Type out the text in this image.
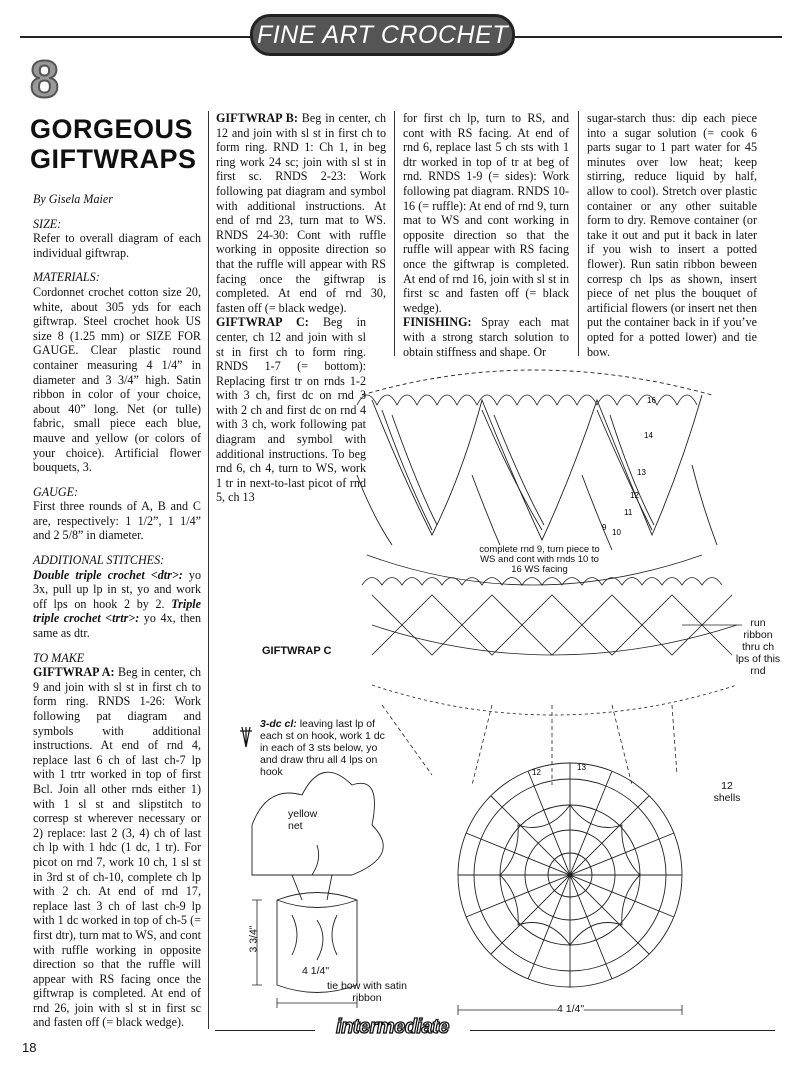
FINE ART CROCHET
8
GORGEOUS
GIFTWRAPS

By Gisela Maier

SIZE:

Refer to overall diagram of each individual giftwrap.

MATERIALS:

Cordonnet crochet cotton size 20, white, about 305 yds for each giftwrap. Steel crochet hook US size 8 (1.25 mm) or SIZE FOR GAUGE. Clear plastic round container measuring 4 1/4” in diameter and 3 3/4” high. Satin ribbon in color of your choice, about 40” long. Net (or tulle) fabric, small piece each blue, mauve and yellow (or colors of your choice). Artificial flower bouquets, 3.

GAUGE:

First three rounds of A, B and C are, respectively: 1 1/2”, 1 1/4” and 2 5/8” in diameter.

ADDITIONAL STITCHES:

Double triple crochet <dtr>: yo 3x, pull up lp in st, yo and work off lps on hook 2 by 2. Triple triple crochet <trtr>: yo 4x, then same as dtr.

TO MAKE

GIFTWRAP A: Beg in center, ch 9 and join with sl st in first ch to form ring. RNDS 1-26: Work following pat diagram and symbols with additional instructions. At end of rnd 4, replace last 6 ch of last ch-7 lp with 1 trtr worked in top of first Bcl. Join all other rnds either 1) with 1 sl st and slipstitch to corresp st wherever necessary or 2) replace: last 2 (3, 4) ch of last ch lp with 1 hdc (1 dc, 1 tr). For picot on rnd 7, work 10 ch, 1 sl st in 3rd st of ch-10, complete ch lp with 2 ch. At end of rnd 17, replace last 3 ch of last ch-9 lp with 1 dc worked in top of ch-5 (= first dtr), turn mat to WS, and cont with ruffle working in opposite direction so that the ruffle will appear with RS facing once the giftwrap is completed. At end of rnd 26, join with sl st in first sc and fasten off (= black wedge).

GIFTWRAP B: Beg in center, ch 12 and join with sl st in first ch to form ring. RND 1: Ch 1, in beg ring work 24 sc; join with sl st in first sc. RNDS 2-23: Work following pat diagram and symbol with additional instructions. At end of rnd 23, turn mat to WS. RNDS 24-30: Cont with ruffle working in opposite direction so that the ruffle will appear with RS facing once the giftwrap is completed. At end of rnd 30, fasten off (= black wedge).

GIFTWRAP C: Beg in center, ch 12 and join with sl st in first ch to form ring. RNDS 1-7 (= bottom): Replacing first tr on rnds 1-2 with 3 ch, first dc on rnd 3 with 2 ch and first dc on rnd 4 with 3 ch, work following pat diagram and symbol with additional instructions. To beg rnd 6, ch 4, turn to WS, work 1 tr in next-to-last picot of rnd 5, ch 13

for first ch lp, turn to RS, and cont with RS facing. At end of rnd 6, replace last 5 ch sts with 1 dtr worked in top of tr at beg of rnd. RNDS 1-9 (= sides): Work following pat diagram. RNDS 10-16 (= ruffle): At end of rnd 9, turn mat to WS and cont working in opposite direction so that the ruffle will appear with RS facing once the giftwrap is completed. At end of rnd 16, join with sl st in first sc and fasten off (= black wedge).

FINISHING: Spray each mat with a strong starch solution to obtain stiffness and shape. Or

sugar-starch thus: dip each piece into a sugar solution (= cook 6 parts sugar to 1 part water for 45 minutes over low heat; keep stirring, reduce liquid by half, allow to cool). Stretch over plastic container or any other suitable form to dry. Remove container (or take it out and put it back in later if you wish to insert a potted flower). Run satin ribbon beween corresp ch lps as shown, insert piece of net plus the bouquet of artificial flowers (or insert net then put the container back in if you’ve opted for a potted lower) and tie bow.

16
14
13
12
11
10
9
13
12
GIFTWRAP C
complete rnd 9, turn piece to WS and cont with rnds 10 to 16 WS facing
run ribbon thru ch lps of this rnd
12 shells
3-dc cl: leaving last lp of each st on hook, work 1 dc in each of 3 sts below, yo and draw thru all 4 lps on hook
yellow net
3 3/4"
4 1/4"
tie bow with satin ribbon
4 1/4"
intermediate
18
